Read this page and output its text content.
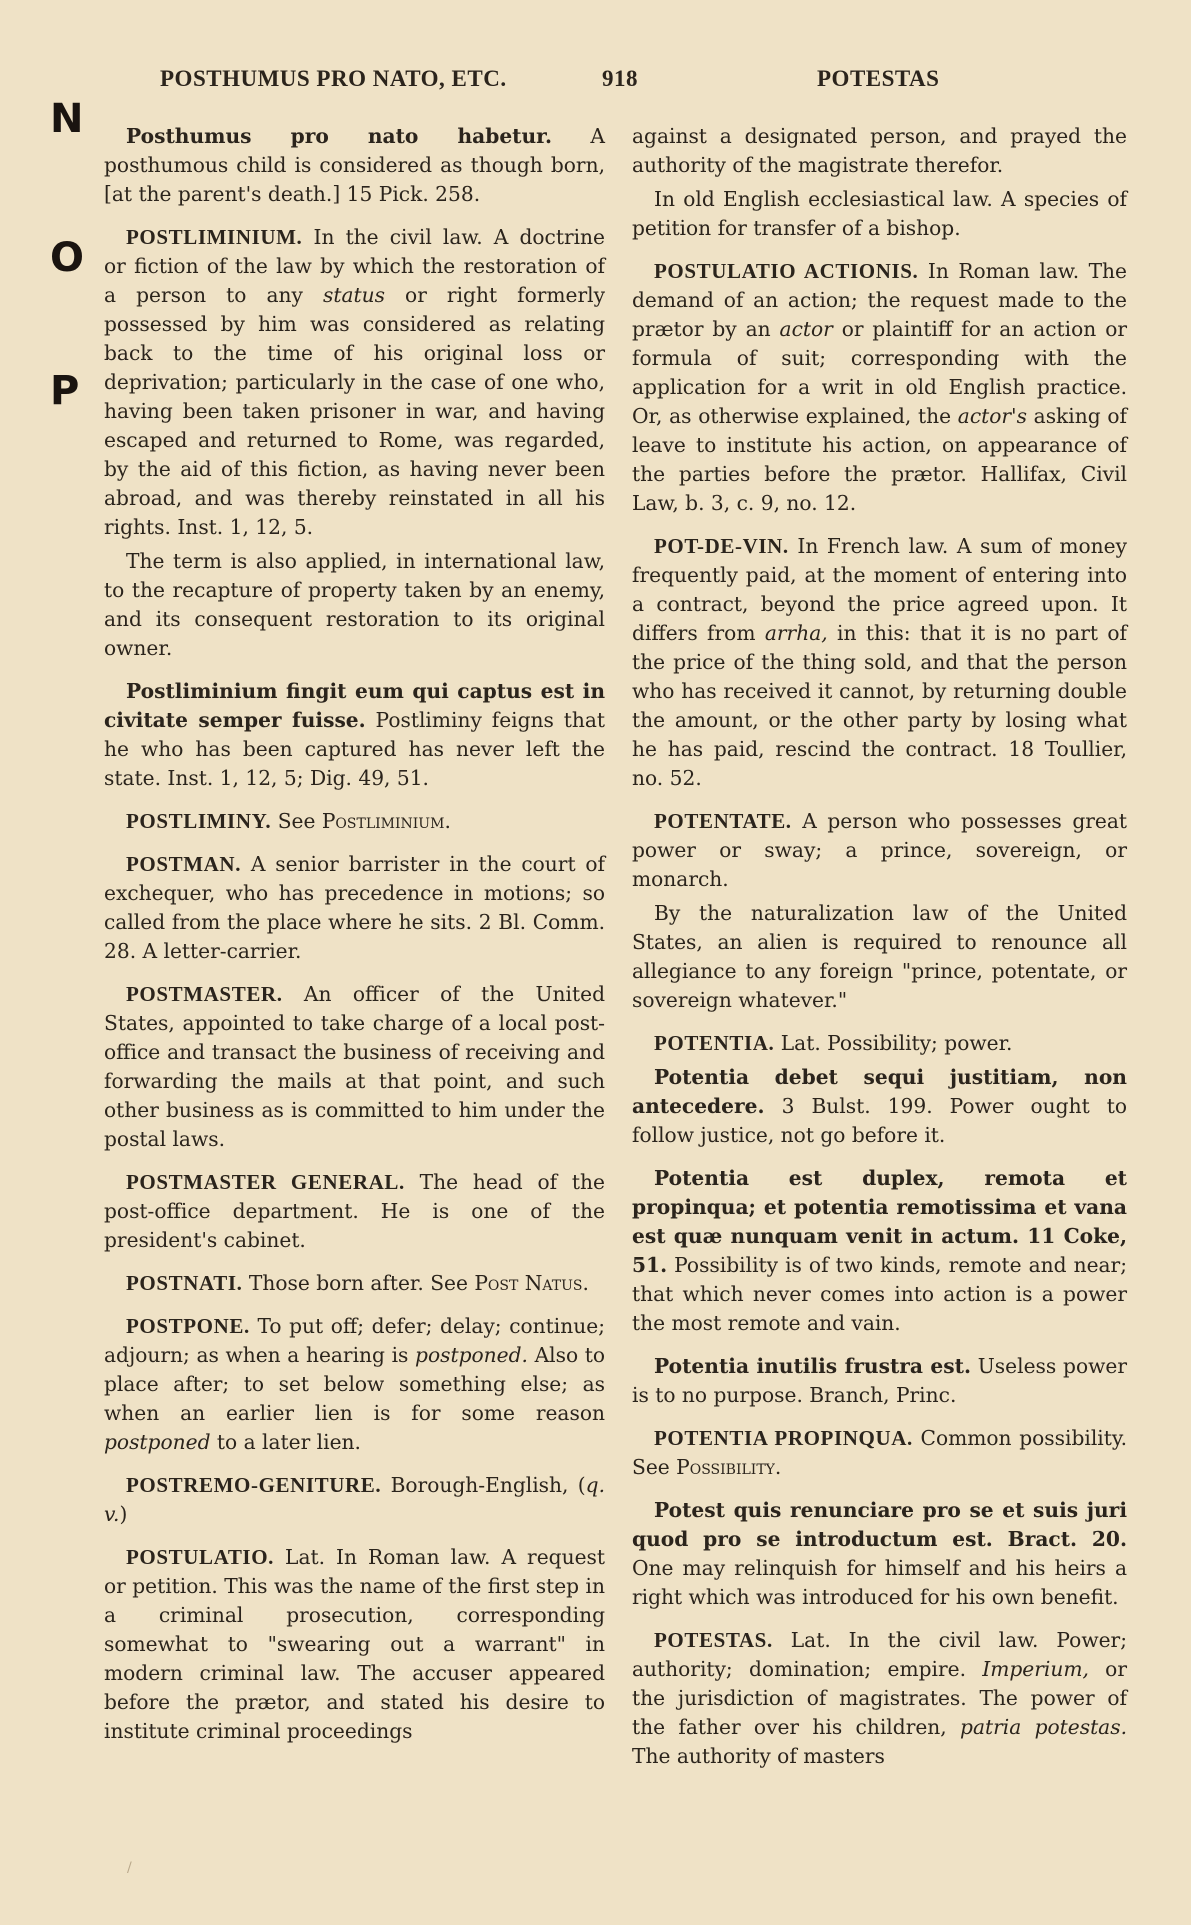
POSTHUMUS PRO NATO, ETC.	918	POTESTAS
N
O
P

Posthumus pro nato habetur. A posthumous child is considered as though born, [at the parent's death.] 15 Pick. 258.

POSTLIMINIUM. In the civil law. A doctrine or fiction of the law by which the restoration of a person to any status or right formerly possessed by him was considered as relating back to the time of his original loss or deprivation; particularly in the case of one who, having been taken prisoner in war, and having escaped and returned to Rome, was regarded, by the aid of this fiction, as having never been abroad, and was thereby reinstated in all his rights. Inst. 1, 12, 5.

The term is also applied, in international law, to the recapture of property taken by an enemy, and its consequent restoration to its original owner.

Postliminium fingit eum qui captus est in civitate semper fuisse. Postliminy feigns that he who has been captured has never left the state. Inst. 1, 12, 5; Dig. 49, 51.

POSTLIMINY. See Postliminium.

POSTMAN. A senior barrister in the court of exchequer, who has precedence in motions; so called from the place where he sits. 2 Bl. Comm. 28. A letter-carrier.

POSTMASTER. An officer of the United States, appointed to take charge of a local post-office and transact the business of receiving and forwarding the mails at that point, and such other business as is committed to him under the postal laws.

POSTMASTER GENERAL. The head of the post-office department. He is one of the president's cabinet.

POSTNATI. Those born after. See Post Natus.

POSTPONE. To put off; defer; delay; continue; adjourn; as when a hearing is postponed. Also to place after; to set below something else; as when an earlier lien is for some reason postponed to a later lien.

POSTREMO-GENITURE. Borough-English, (q. v.)

POSTULATIO. Lat. In Roman law. A request or petition. This was the name of the first step in a criminal prosecution, corresponding somewhat to "swearing out a warrant" in modern criminal law. The accuser appeared before the prætor, and stated his desire to institute criminal proceedings

against a designated person, and prayed the authority of the magistrate therefor.

In old English ecclesiastical law. A species of petition for transfer of a bishop.

POSTULATIO ACTIONIS. In Roman law. The demand of an action; the request made to the prætor by an actor or plaintiff for an action or formula of suit; corresponding with the application for a writ in old English practice. Or, as otherwise explained, the actor's asking of leave to institute his action, on appearance of the parties before the prætor. Hallifax, Civil Law, b. 3, c. 9, no. 12.

POT-DE-VIN. In French law. A sum of money frequently paid, at the moment of entering into a contract, beyond the price agreed upon. It differs from arrha, in this: that it is no part of the price of the thing sold, and that the person who has received it cannot, by returning double the amount, or the other party by losing what he has paid, rescind the contract. 18 Toullier, no. 52.

POTENTATE. A person who possesses great power or sway; a prince, sovereign, or monarch.

By the naturalization law of the United States, an alien is required to renounce all allegiance to any foreign "prince, potentate, or sovereign whatever."

POTENTIA. Lat. Possibility; power.

Potentia debet sequi justitiam, non antecedere. 3 Bulst. 199. Power ought to follow justice, not go before it.

Potentia est duplex, remota et propinqua; et potentia remotissima et vana est quæ nunquam venit in actum. 11 Coke, 51. Possibility is of two kinds, remote and near; that which never comes into action is a power the most remote and vain.

Potentia inutilis frustra est. Useless power is to no purpose. Branch, Princ.

POTENTIA PROPINQUA. Common possibility. See Possibility.

Potest quis renunciare pro se et suis juri quod pro se introductum est. Bract. 20. One may relinquish for himself and his heirs a right which was introduced for his own benefit.

POTESTAS. Lat. In the civil law. Power; authority; domination; empire. Imperium, or the jurisdiction of magistrates. The power of the father over his children, patria potestas. The authority of masters

/
